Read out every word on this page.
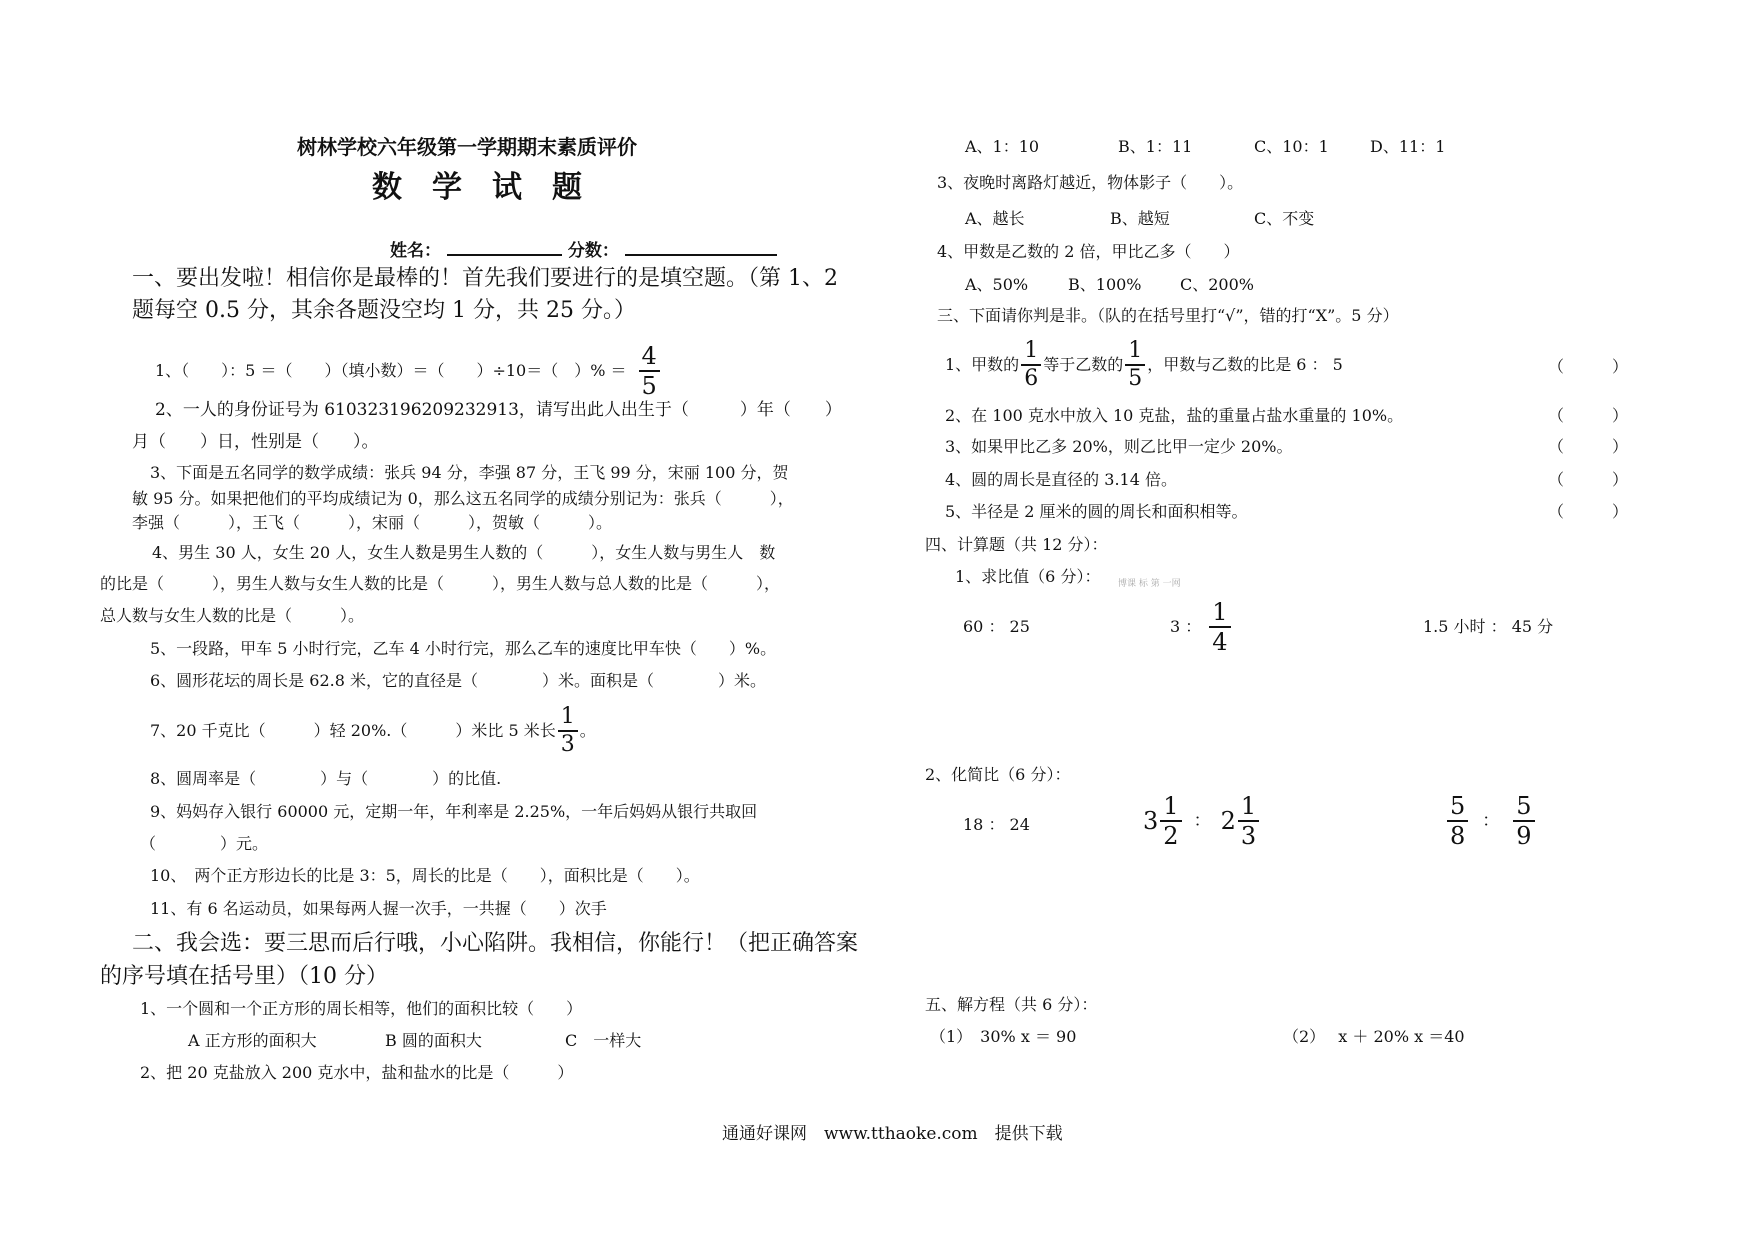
树林学校六年级第一学期期末素质评价
数学试题
姓名：	分数：
一、要出发啦！相信你是最棒的！首先我们要进行的是填空题。（第 1、2
题每空 0.5 分，其余各题没空均 1 分，共 25 分。）
1、（　　）：5 ＝（　　）（填小数）＝（　　）÷10＝（　）% ＝ $\frac{4}{5}$
2、一人的身份证号为 610323196209232913，请写出此人出生于（　　　）年（　　）
月（　　）日，性别是（　　）。
3、下面是五名同学的数学成绩：张兵 94 分，李强 87 分，王飞 99 分，宋丽 100 分，贺
敏 95 分。如果把他们的平均成绩记为 0，那么这五名同学的成绩分别记为：张兵（　　　），
李强（　　　），王飞（　　　），宋丽（　　　），贺敏（　　　）。
4、男生 30 人，女生 20 人，女生人数是男生人数的（　　　），女生人数与男生人　数
的比是（　　　），男生人数与女生人数的比是（　　　），男生人数与总人数的比是（　　　），
总人数与女生人数的比是（　　　）。
5、一段路，甲车 5 小时行完，乙车 4 小时行完，那么乙车的速度比甲车快（　　）%。
6、圆形花坛的周长是 62.8 米，它的直径是（　　　　）米。面积是（　　　　）米。
7、20 千克比（　　　）轻 20%.（　　　）米比 5 米长 $\frac{1}{3}$ 。
8、圆周率是（　　　　）与（　　　　）的比值.
9、妈妈存入银行 60000 元，定期一年，年利率是 2.25%，一年后妈妈从银行共取回
（　　　　）元。
10、　两个正方形边长的比是 3：5，周长的比是（　　），面积比是（　　）。
11、有 6 名运动员，如果每两人握一次手，一共握（　　）次手
二、我会选：要三思而后行哦，小心陷阱。我相信，你能行！（把正确答案
的序号填在括号里）（10 分）
1、一个圆和一个正方形的周长相等，他们的面积比较（　　）
A 正方形的面积大	B 圆的面积大	C　一样大
2、把 20 克盐放入 200 克水中，盐和盐水的比是（　　　）
A、1：10	B、1：11	C、10：1	D、11：1
3、夜晚时离路灯越近，物体影子（　　）。
A、越长	B、越短	C、不变
4、甲数是乙数的 2 倍，甲比乙多（　　）
A、50% B、100% C、200%
三、下面请你判是非。（队的在括号里打“√”，错的打“X”。5 分）
1、甲数的 $\frac{1}{6}$ 等于乙数的 $\frac{1}{5}$ ，甲数与乙数的比是 6 ： 5	（　　　）
2、在 100 克水中放入 10 克盐，盐的重量占盐水重量的 10%。	（　　　）
3、如果甲比乙多 20%，则乙比甲一定少 20%。	（　　　）
4、圆的周长是直径的 3.14 倍。	（　　　）
5、半径是 2 厘米的圆的周长和面积相等。	（　　　）
四、计算题（共 12 分）：
1、求比值（6 分）： 博课 标 第 一网
60 ： 25	3 ： $\frac{1}{4}$	1.5 小时 ： 45 分
2、化简比（6 分）：
18 ： 24	$3 \frac{1}{2}$ ： $2 \frac{1}{3}$	$\frac{5}{8}$ ： $\frac{5}{9}$
五、解方程（共 6 分）：
（1）　30% x ＝ 90	（2）　 x ＋ 20% x ＝40
通通好课网　www.tthaoke.com　提供下载
